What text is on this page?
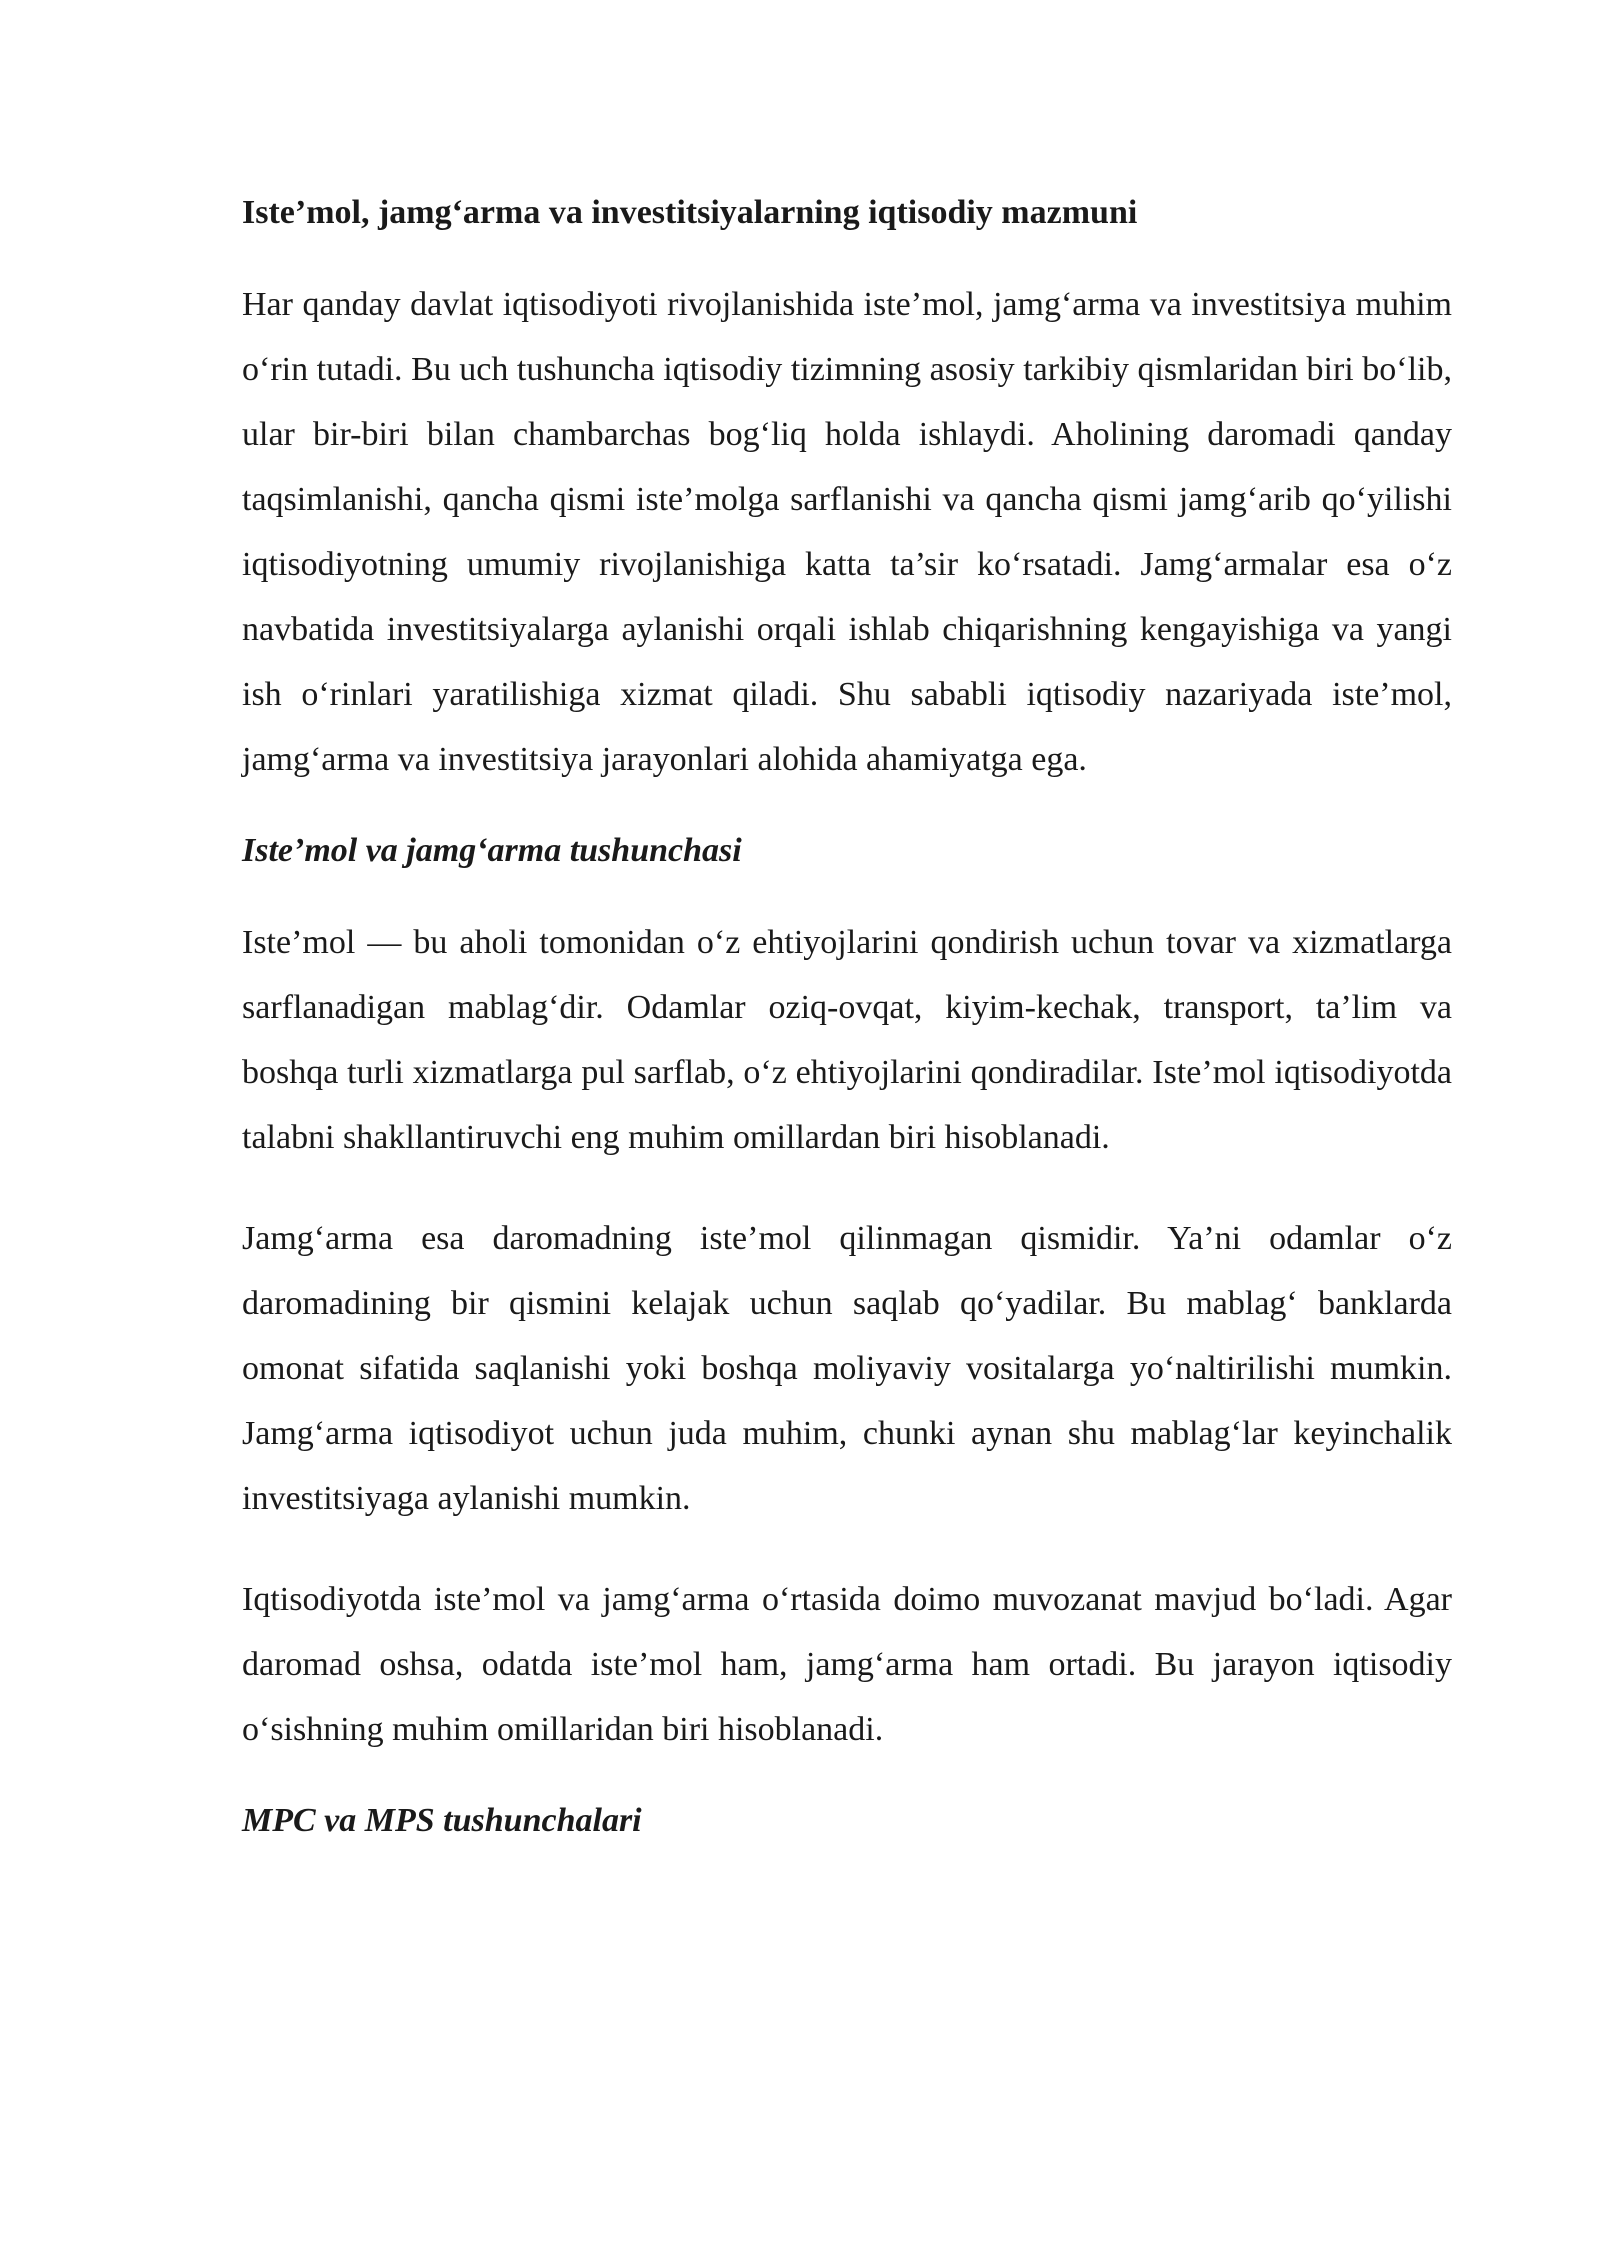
Iste’mol, jamg‘arma va investitsiyalarning iqtisodiy mazmuni

Har qanday davlat iqtisodiyoti rivojlanishida iste’mol, jamg‘arma va investitsiya muhim o‘rin tutadi. Bu uch tushuncha iqtisodiy tizimning asosiy tarkibiy qismlaridan biri bo‘lib, ular bir-biri bilan chambarchas bog‘liq holda ishlaydi. Aholining daromadi qanday taqsimlanishi, qancha qismi iste’molga sarflanishi va qancha qismi jamg‘arib qo‘yilishi iqtisodiyotning umumiy rivojlanishiga katta ta’sir ko‘rsatadi. Jamg‘armalar esa o‘z navbatida investitsiyalarga aylanishi orqali ishlab chiqarishning kengayishiga va yangi ish o‘rinlari yaratilishiga xizmat qiladi. Shu sababli iqtisodiy nazariyada iste’mol, jamg‘arma va investitsiya jarayonlari alohida ahamiyatga ega.

Iste’mol va jamg‘arma tushunchasi

Iste’mol — bu aholi tomonidan o‘z ehtiyojlarini qondirish uchun tovar va xizmatlarga sarflanadigan mablag‘dir. Odamlar oziq-ovqat, kiyim-kechak, transport, ta’lim va boshqa turli xizmatlarga pul sarflab, o‘z ehtiyojlarini qondiradilar. Iste’mol iqtisodiyotda talabni shakllantiruvchi eng muhim omillardan biri hisoblanadi.

Jamg‘arma esa daromadning iste’mol qilinmagan qismidir. Ya’ni odamlar o‘z daromadining bir qismini kelajak uchun saqlab qo‘yadilar. Bu mablag‘ banklarda omonat sifatida saqlanishi yoki boshqa moliyaviy vositalarga yo‘naltirilishi mumkin. Jamg‘arma iqtisodiyot uchun juda muhim, chunki aynan shu mablag‘lar keyinchalik investitsiyaga aylanishi mumkin.

Iqtisodiyotda iste’mol va jamg‘arma o‘rtasida doimo muvozanat mavjud bo‘ladi. Agar daromad oshsa, odatda iste’mol ham, jamg‘arma ham ortadi. Bu jarayon iqtisodiy o‘sishning muhim omillaridan biri hisoblanadi.

MPC va MPS tushunchalari
